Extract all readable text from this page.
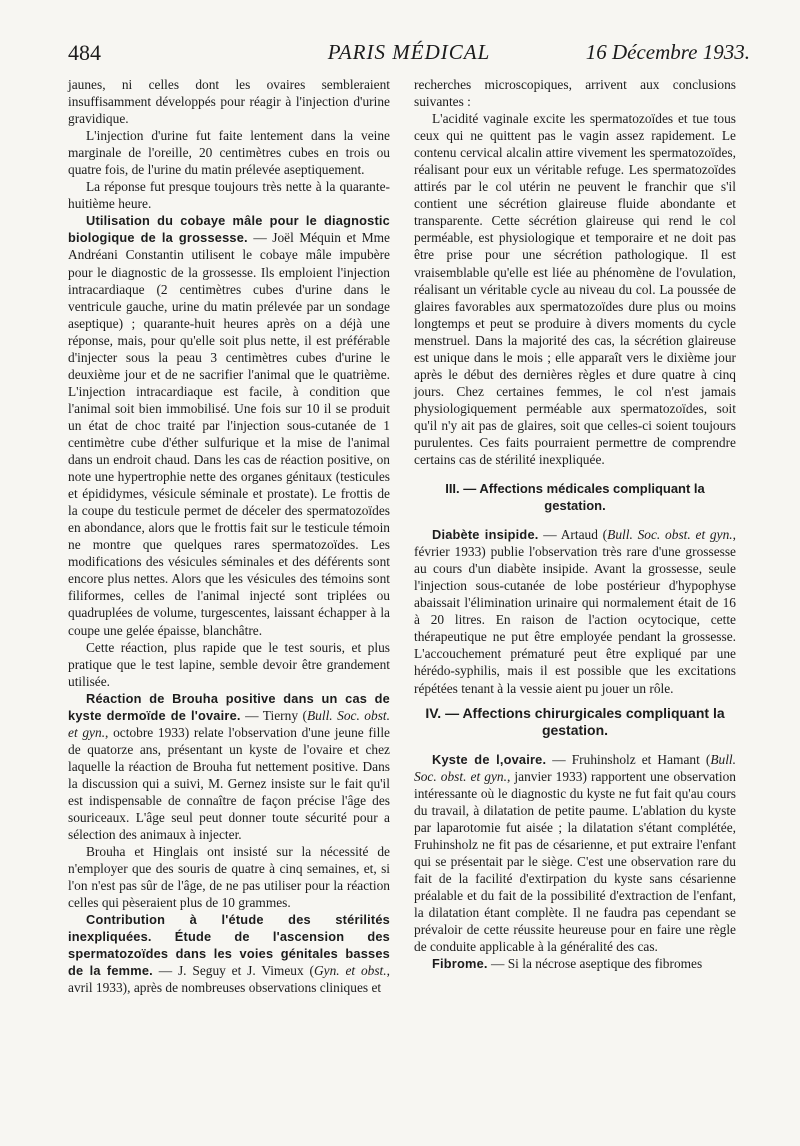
484	PARIS MÉDICAL	16 Décembre 1933.

jaunes, ni celles dont les ovaires sembleraient insuffisamment développés pour réagir à l'injection d'urine gravidique.

L'injection d'urine fut faite lentement dans la veine marginale de l'oreille, 20 centimètres cubes en trois ou quatre fois, de l'urine du matin prélevée aseptiquement.

La réponse fut presque toujours très nette à la quarante-huitième heure.

Utilisation du cobaye mâle pour le diagnostic biologique de la grossesse. — Joël Méquin et Mme Andréani Constantin utilisent le cobaye mâle impubère pour le diagnostic de la grossesse. Ils emploient l'injection intracardiaque (2 centimètres cubes d'urine dans le ventricule gauche, urine du matin prélevée par un sondage aseptique) ; quarante-huit heures après on a déjà une réponse, mais, pour qu'elle soit plus nette, il est préférable d'injecter sous la peau 3 centimètres cubes d'urine le deuxième jour et de ne sacrifier l'animal que le quatrième. L'injection intracardiaque est facile, à condition que l'animal soit bien immobilisé. Une fois sur 10 il se produit un état de choc traité par l'injection sous-cutanée de 1 centimètre cube d'éther sulfurique et la mise de l'animal dans un endroit chaud. Dans les cas de réaction positive, on note une hypertrophie nette des organes génitaux (testicules et épididymes, vésicule séminale et prostate). Le frottis de la coupe du testicule permet de déceler des spermatozoïdes en abondance, alors que le frottis fait sur le testicule témoin ne montre que quelques rares spermatozoïdes. Les modifications des vésicules séminales et des déférents sont encore plus nettes. Alors que les vésicules des témoins sont filiformes, celles de l'animal injecté sont triplées ou quadruplées de volume, turgescentes, laissant échapper à la coupe une gelée épaisse, blanchâtre.

Cette réaction, plus rapide que le test souris, et plus pratique que le test lapine, semble devoir être grandement utilisée.

Réaction de Brouha positive dans un cas de kyste dermoïde de l'ovaire. — Tierny (Bull. Soc. obst. et gyn., octobre 1933) relate l'observation d'une jeune fille de quatorze ans, présentant un kyste de l'ovaire et chez laquelle la réaction de Brouha fut nettement positive. Dans la discussion qui a suivi, M. Gernez insiste sur le fait qu'il est indispensable de connaître de façon précise l'âge des souriceaux. L'âge seul peut donner toute sécurité pour a sélection des animaux à injecter.

Brouha et Hinglais ont insisté sur la nécessité de n'employer que des souris de quatre à cinq semaines, et, si l'on n'est pas sûr de l'âge, de ne pas utiliser pour la réaction celles qui pèseraient plus de 10 grammes.

Contribution à l'étude des stérilités inexpliquées. Étude de l'ascension des spermatozoïdes dans les voies génitales basses de la femme. — J. Seguy et J. Vimeux (Gyn. et obst., avril 1933), après de nombreuses observations cliniques et

recherches microscopiques, arrivent aux conclusions suivantes :

L'acidité vaginale excite les spermatozoïdes et tue tous ceux qui ne quittent pas le vagin assez rapidement. Le contenu cervical alcalin attire vivement les spermatozoïdes, réalisant pour eux un véritable refuge. Les spermatozoïdes attirés par le col utérin ne peuvent le franchir que s'il contient une sécrétion glaireuse fluide abondante et transparente. Cette sécrétion glaireuse qui rend le col perméable, est physiologique et temporaire et ne doit pas être prise pour une sécrétion pathologique. Il est vraisemblable qu'elle est liée au phénomène de l'ovulation, réalisant un véritable cycle au niveau du col. La poussée de glaires favorables aux spermatozoïdes dure plus ou moins longtemps et peut se produire à divers moments du cycle menstruel. Dans la majorité des cas, la sécrétion glaireuse est unique dans le mois ; elle apparaît vers le dixième jour après le début des dernières règles et dure quatre à cinq jours. Chez certaines femmes, le col n'est jamais physiologiquement perméable aux spermatozoïdes, soit qu'il n'y ait pas de glaires, soit que celles-ci soient toujours purulentes. Ces faits pourraient permettre de comprendre certains cas de stérilité inexpliquée.

III. — Affections médicales compliquant la gestation.

Diabète insipide. — Artaud (Bull. Soc. obst. et gyn., février 1933) publie l'observation très rare d'une grossesse au cours d'un diabète insipide. Avant la grossesse, seule l'injection sous-cutanée de lobe postérieur d'hypophyse abaissait l'élimination urinaire qui normalement était de 16 à 20 litres. En raison de l'action ocytocique, cette thérapeutique ne put être employée pendant la grossesse. L'accouchement prématuré peut être expliqué par une hérédo-syphilis, mais il est possible que les excitations répétées tenant à la vessie aient pu jouer un rôle.

IV. — Affections chirurgicales compliquant la gestation.

Kyste de l,ovaire. — Fruhinsholz et Hamant (Bull. Soc. obst. et gyn., janvier 1933) rapportent une observation intéressante où le diagnostic du kyste ne fut fait qu'au cours du travail, à dilatation de petite paume. L'ablation du kyste par laparotomie fut aisée ; la dilatation s'étant complétée, Fruhinsholz ne fit pas de césarienne, et put extraire l'enfant qui se présentait par le siège. C'est une observation rare du fait de la facilité d'extirpation du kyste sans césarienne préalable et du fait de la possibilité d'extraction de l'enfant, la dilatation étant complète. Il ne faudra pas cependant se prévaloir de cette réussite heureuse pour en faire une règle de conduite applicable à la généralité des cas.

Fibrome. — Si la nécrose aseptique des fibromes
